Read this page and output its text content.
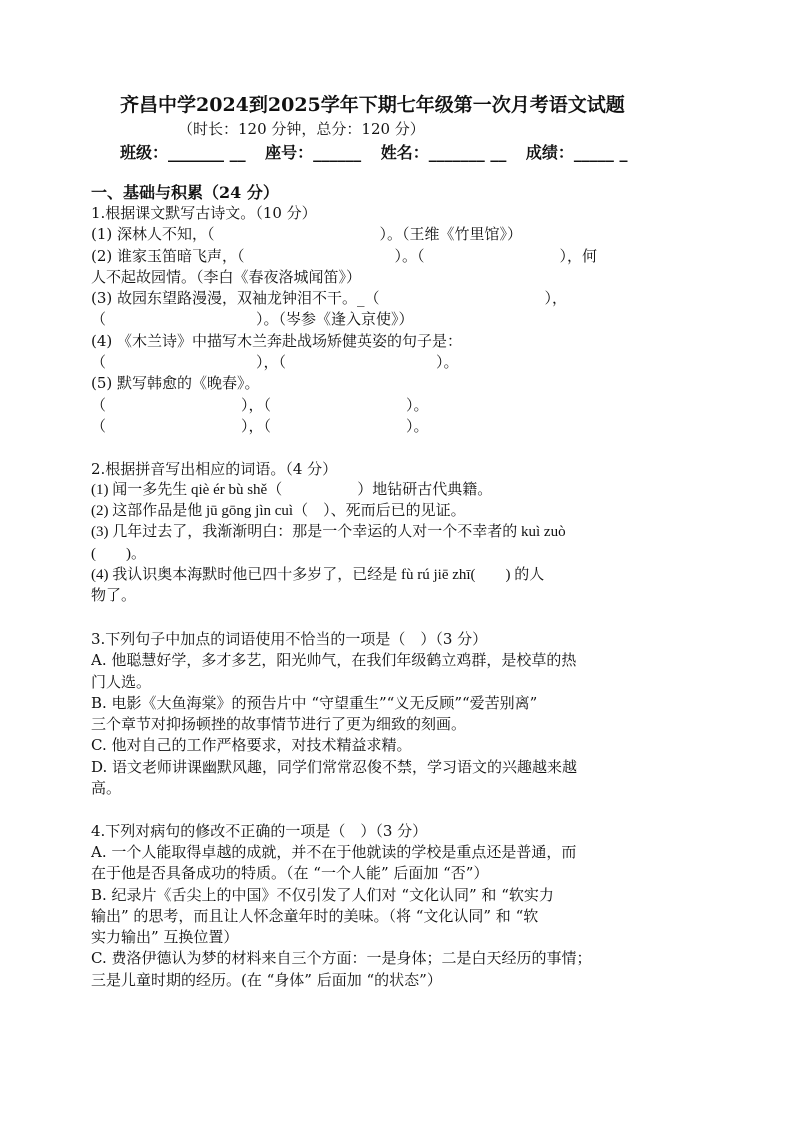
齐昌中学2024到2025学年下期七年级第一次月考语文试题
（时长：120 分钟，总分：120 分）
班级：_______ __ 座号：______ 姓名：_______ __ 成绩：_____ _
一、基础与积累（24 分）
1.根据课文默写古诗文。（10 分）
(1) 深林人不知，（　　　　　　　　　　　）。（王维《竹里馆》）
(2) 谁家玉笛暗飞声，（　　　　　　　　　　）。（　　　　　　　　　），何
人不起故园情。（李白《春夜洛城闻笛》）
(3) 故园东望路漫漫，双袖龙钟泪不干。_（　　　　　　　　　　　），
（　　　　　　　　　　）。（岑参《逢入京使》）
(4) 《木兰诗》中描写木兰奔赴战场矫健英姿的句子是：
（　　　　　　　　　　），（　　　　　　　　　　）。
(5) 默写韩愈的《晚春》。
（　　　　　　　　　），（　　　　　　　　　）。
（　　　　　　　　　），（　　　　　　　　　）。
2.根据拼音写出相应的词语。（4 分）
(1) 闻一多先生 qiè ér bù shě（　　　　　）地钻研古代典籍。
(2) 这部作品是他 jū gōng jìn cuì（　）、死而后已的见证。
(3) 几年过去了，我渐渐明白：那是一个幸运的人对一个不幸者的 kuì zuò
(　　)。
(4) 我认识奥本海默时他已四十多岁了，已经是 fù rú jiē zhī(　　) 的人
物了。
3.下列句子中加点的词语使用不恰当的一项是（　）（3 分）
A. 他聪慧好学，多才多艺，阳光帅气，在我们年级鹤立鸡群，是校草的热
门人选。
B. 电影《大鱼海棠》的预告片中 “守望重生”“义无反顾”“爱苦别离”
三个章节对抑扬顿挫的故事情节进行了更为细致的刻画。
C. 他对自己的工作严格要求，对技术精益求精。
D. 语文老师讲课幽默风趣，同学们常常忍俊不禁，学习语文的兴趣越来越
高。
4.下列对病句的修改不正确的一项是（　）（3 分）
A. 一个人能取得卓越的成就，并不在于他就读的学校是重点还是普通，而
在于他是否具备成功的特质。（在 “一个人能” 后面加 “否”）
B. 纪录片《舌尖上的中国》不仅引发了人们对 “文化认同” 和 “软实力
输出” 的思考，而且让人怀念童年时的美味。（将 “文化认同” 和 “软
实力输出” 互换位置）
C. 费洛伊德认为梦的材料来自三个方面：一是身体；二是白天经历的事情；
三是儿童时期的经历。(在 “身体” 后面加 “的状态”）
